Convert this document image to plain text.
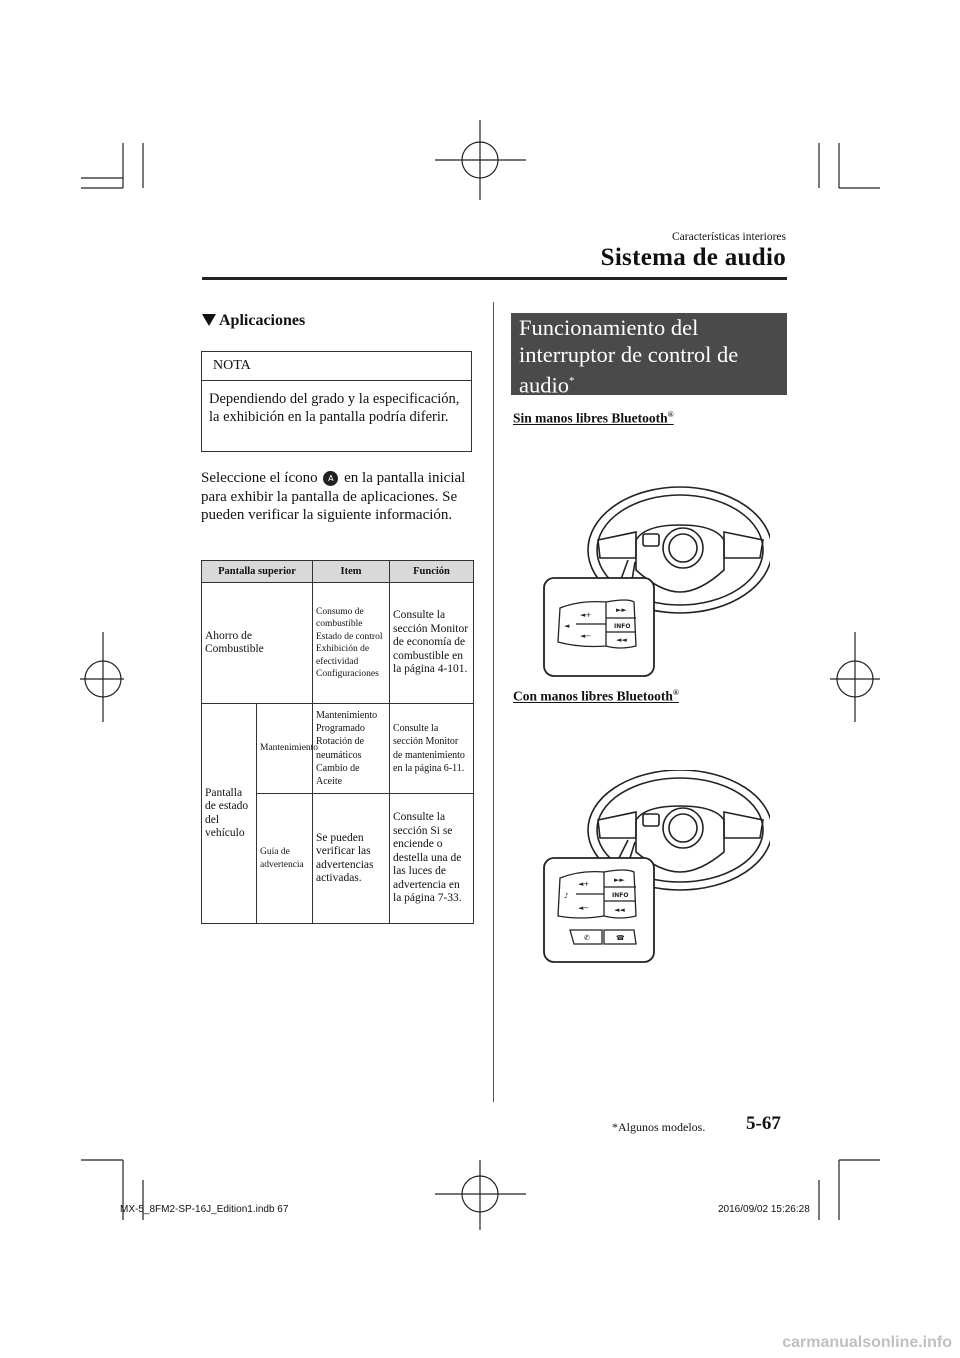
Características interiores
Sistema de audio
Aplicaciones
NOTA
Dependiendo del grado y la especificación, la exhibición en la pantalla podría diferir.
Seleccione el ícono A en la pantalla inicial para exhibir la pantalla de aplicaciones. Se pueden verificar la siguiente información.
Pantalla superior		Item	Función
Ahorro de Combustible		Consumo de combustible
Estado de control
Exhibición de efectividad
Configuraciones	Consulte la sección Monitor de economía de combustible en la página 4-101.
Pantalla de estado del vehículo	Mantenimiento	Mantenimiento Programado
Rotación de neumáticos
Cambio de Aceite	Consulte la sección Monitor de mantenimiento en la página 6-11.
	Guía de advertencia	Se pueden verificar las advertencias activadas.	Consulte la sección Si se enciende o destella una de las luces de advertencia en la página 7-33.
Funcionamiento del interruptor de control de audio*
Sin manos libres Bluetooth®
Con manos libres Bluetooth®
◄+
◄
◄−
►►
INFO
◄◄
◄+
♪
◄−
►►
INFO
◄◄
✆	☎
*Algunos modelos. 5-67
MX-5_8FM2-SP-16J_Edition1.indb 67	2016/09/02 15:26:28
carmanualsonline.info
